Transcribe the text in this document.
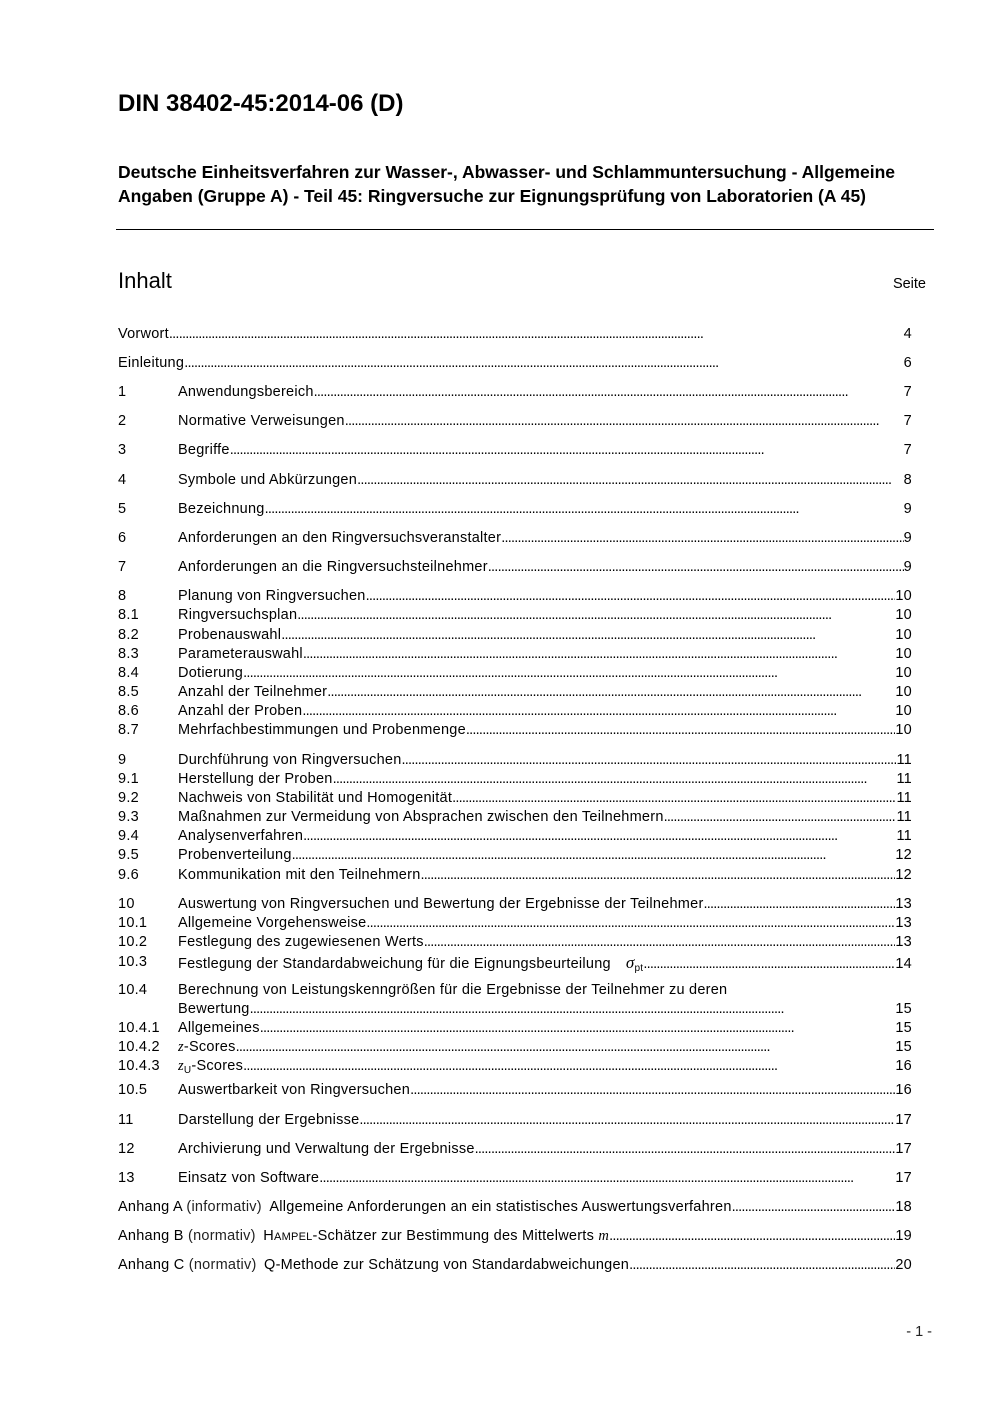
DIN 38402-45:2014-06 (D)
Deutsche Einheitsverfahren zur Wasser-, Abwasser- und Schlammuntersuchung - Allgemeine Angaben (Gruppe A) - Teil 45: Ringversuche zur Eignungsprüfung von Laboratorien (A 45)
Inhalt	Seite
Vorwort . . .	4
Einleitung . . .	6
1	Anwendungsbereich . . .	7
2	Normative Verweisungen . . .	7
3	Begriffe . . .	7
4	Symbole und Abkürzungen . . .	8
5	Bezeichnung . . .	9
6	Anforderungen an den Ringversuchsveranstalter . . .	9
7	Anforderungen an die Ringversuchsteilnehmer . . .	9
8	Planung von Ringversuchen . . .	10
8.1	Ringversuchsplan . . .	10
8.2	Probenauswahl . . .	10
8.3	Parameterauswahl . . .	10
8.4	Dotierung . . .	10
8.5	Anzahl der Teilnehmer . . .	10
8.6	Anzahl der Proben . . .	10
8.7	Mehrfachbestimmungen und Probenmenge . . .	10
9	Durchführung von Ringversuchen . . .	11
9.1	Herstellung der Proben . . .	11
9.2	Nachweis von Stabilität und Homogenität . . .	11
9.3	Maßnahmen zur Vermeidung von Absprachen zwischen den Teilnehmern . . .	11
9.4	Analysenverfahren . . .	11
9.5	Probenverteilung . . .	12
9.6	Kommunikation mit den Teilnehmern . . .	12
10	Auswertung von Ringversuchen und Bewertung der Ergebnisse der Teilnehmer . . .	13
10.1 Allgemeine Vorgehensweise . . .	13
10.2 Festlegung des zugewiesenen Werts . . .	13
10.3 Festlegung der Standardabweichung für die Eignungsbeurteilung   $\sigma_{pt}$ . . .	14
10.4 Berechnung von Leistungskenngrößen für die Ergebnisse der Teilnehmer zu deren
Bewertung . . .	15
10.4.1 Allgemeines . . .	15
10.4.2 z-Scores . . .	15
10.4.3 $z_U$-Scores . . .	16
10.5 Auswertbarkeit von Ringversuchen . . .	16
11	Darstellung der Ergebnisse . . .	17
12	Archivierung und Verwaltung der Ergebnisse . . .	17
13	Einsatz von Software . . .	17
Anhang A (informativ)  Allgemeine Anforderungen an ein statistisches Auswertungsverfahren . . .	18
Anhang B (normativ)  HAMPEL-Schätzer zur Bestimmung des Mittelwerts m . . .	19
Anhang C (normativ)  Q-Methode zur Schätzung von Standardabweichungen . . .	20
- 1 -
